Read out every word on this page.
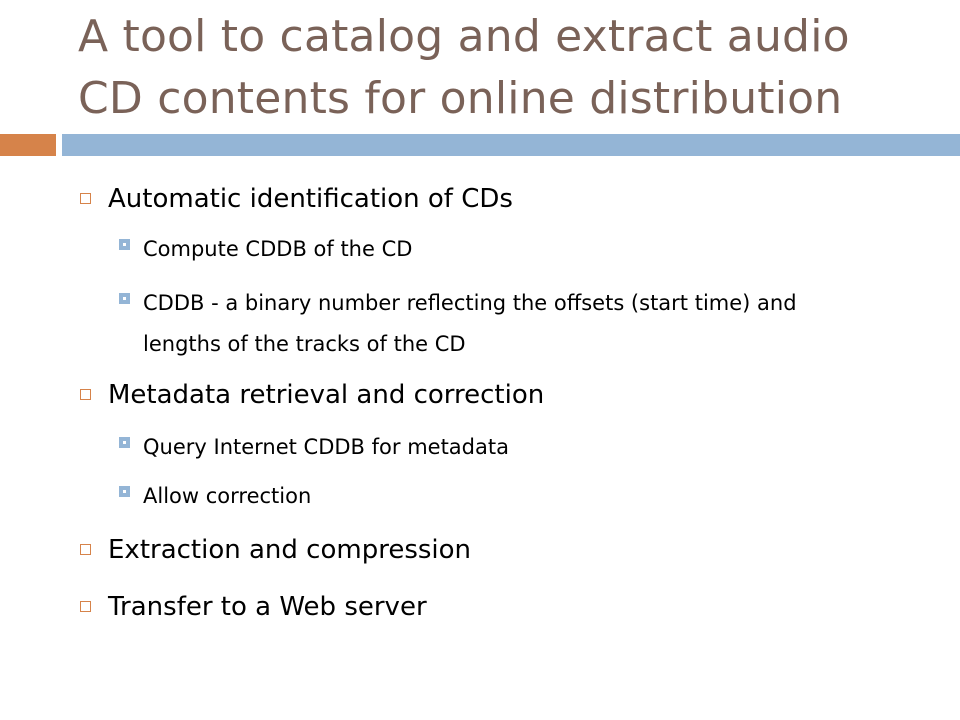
A tool to catalog and extract audio
CD contents for online distribution
Automatic identification of CDs
Compute CDDB of the CD
CDDB - a binary number reflecting the offsets (start time) and lengths of the tracks of the CD
Metadata retrieval and correction
Query Internet CDDB for metadata
Allow correction
Extraction and compression
Transfer to a Web server
